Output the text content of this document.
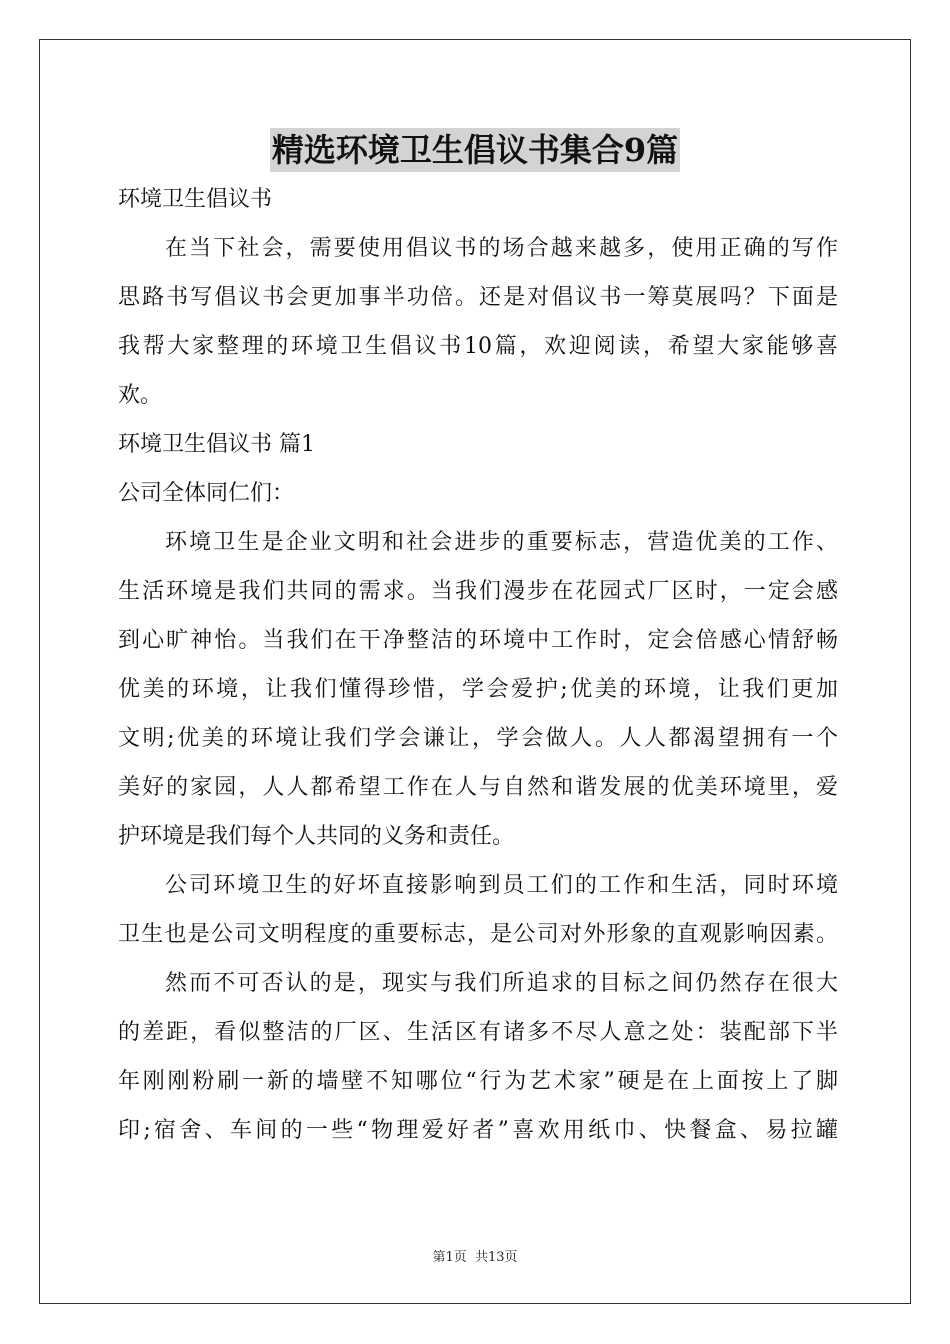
精选环境卫生倡议书集合9篇
环境卫生倡议书
在当下社会，需要使用倡议书的场合越来越多，使用正确的写作
思路书写倡议书会更加事半功倍。还是对倡议书一筹莫展吗？下面是
我帮大家整理的环境卫生倡议书10篇，欢迎阅读，希望大家能够喜
欢。
环境卫生倡议书 篇1
公司全体同仁们：
环境卫生是企业文明和社会进步的重要标志，营造优美的工作、
生活环境是我们共同的需求。当我们漫步在花园式厂区时，一定会感
到心旷神怡。当我们在干净整洁的环境中工作时，定会倍感心情舒畅
优美的环境，让我们懂得珍惜，学会爱护;优美的环境，让我们更加
文明;优美的环境让我们学会谦让，学会做人。人人都渴望拥有一个
美好的家园，人人都希望工作在人与自然和谐发展的优美环境里，爱
护环境是我们每个人共同的义务和责任。
公司环境卫生的好坏直接影响到员工们的工作和生活，同时环境
卫生也是公司文明程度的重要标志，是公司对外形象的直观影响因素。
然而不可否认的是，现实与我们所追求的目标之间仍然存在很大
的差距，看似整洁的厂区、生活区有诸多不尽人意之处：装配部下半
年刚刚粉刷一新的墙壁不知哪位“行为艺术家”硬是在上面按上了脚
印;宿舍、车间的一些“物理爱好者”喜欢用纸巾、快餐盒、易拉罐
第1页 共13页
